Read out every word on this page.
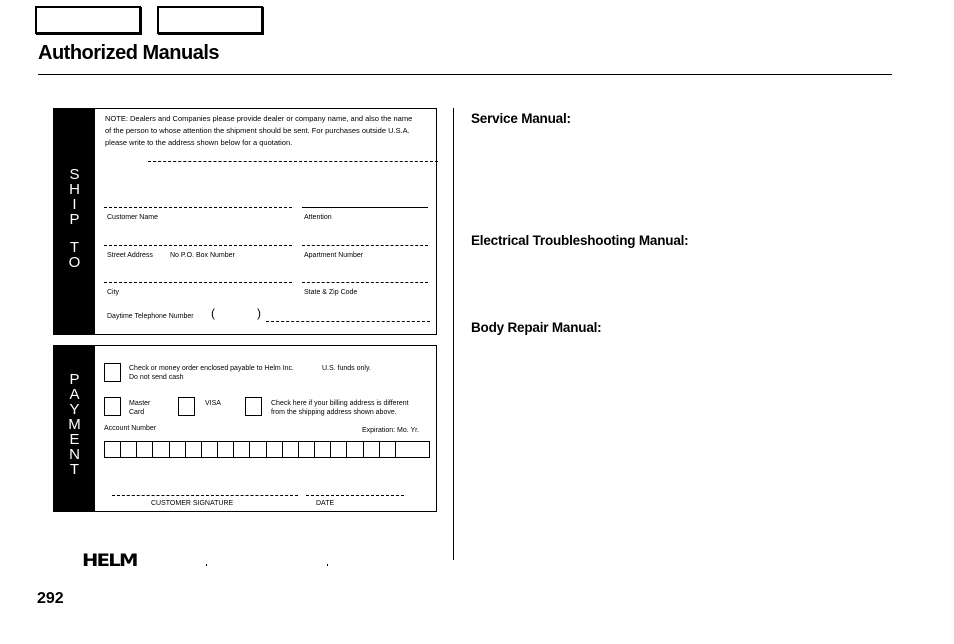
Authorized Manuals
S
H
I
P
T
O
NOTE: Dealers and Companies please provide dealer or company name, and also the name of the person to whose attention the shipment should be sent. For purchases outside U.S.A. please write to the address shown below for a quotation.
Customer Name	Attention
Street Address No P.O. Box Number	Apartment Number
City	State & Zip Code
Daytime Telephone Number (	)
P
A
Y
M
E
N
T
Check or money order enclosed payable to Helm Inc.	U.S. funds only.
Do not send cash
Master
Card
VISA	Check here if your billing address is different
from the shipping address shown above.
Account Number	Expiration: Mo. Yr.
CUSTOMER SIGNATURE	DATE
Service Manual:
Electrical Troubleshooting Manual:
Body Repair Manual:
HELM
292
